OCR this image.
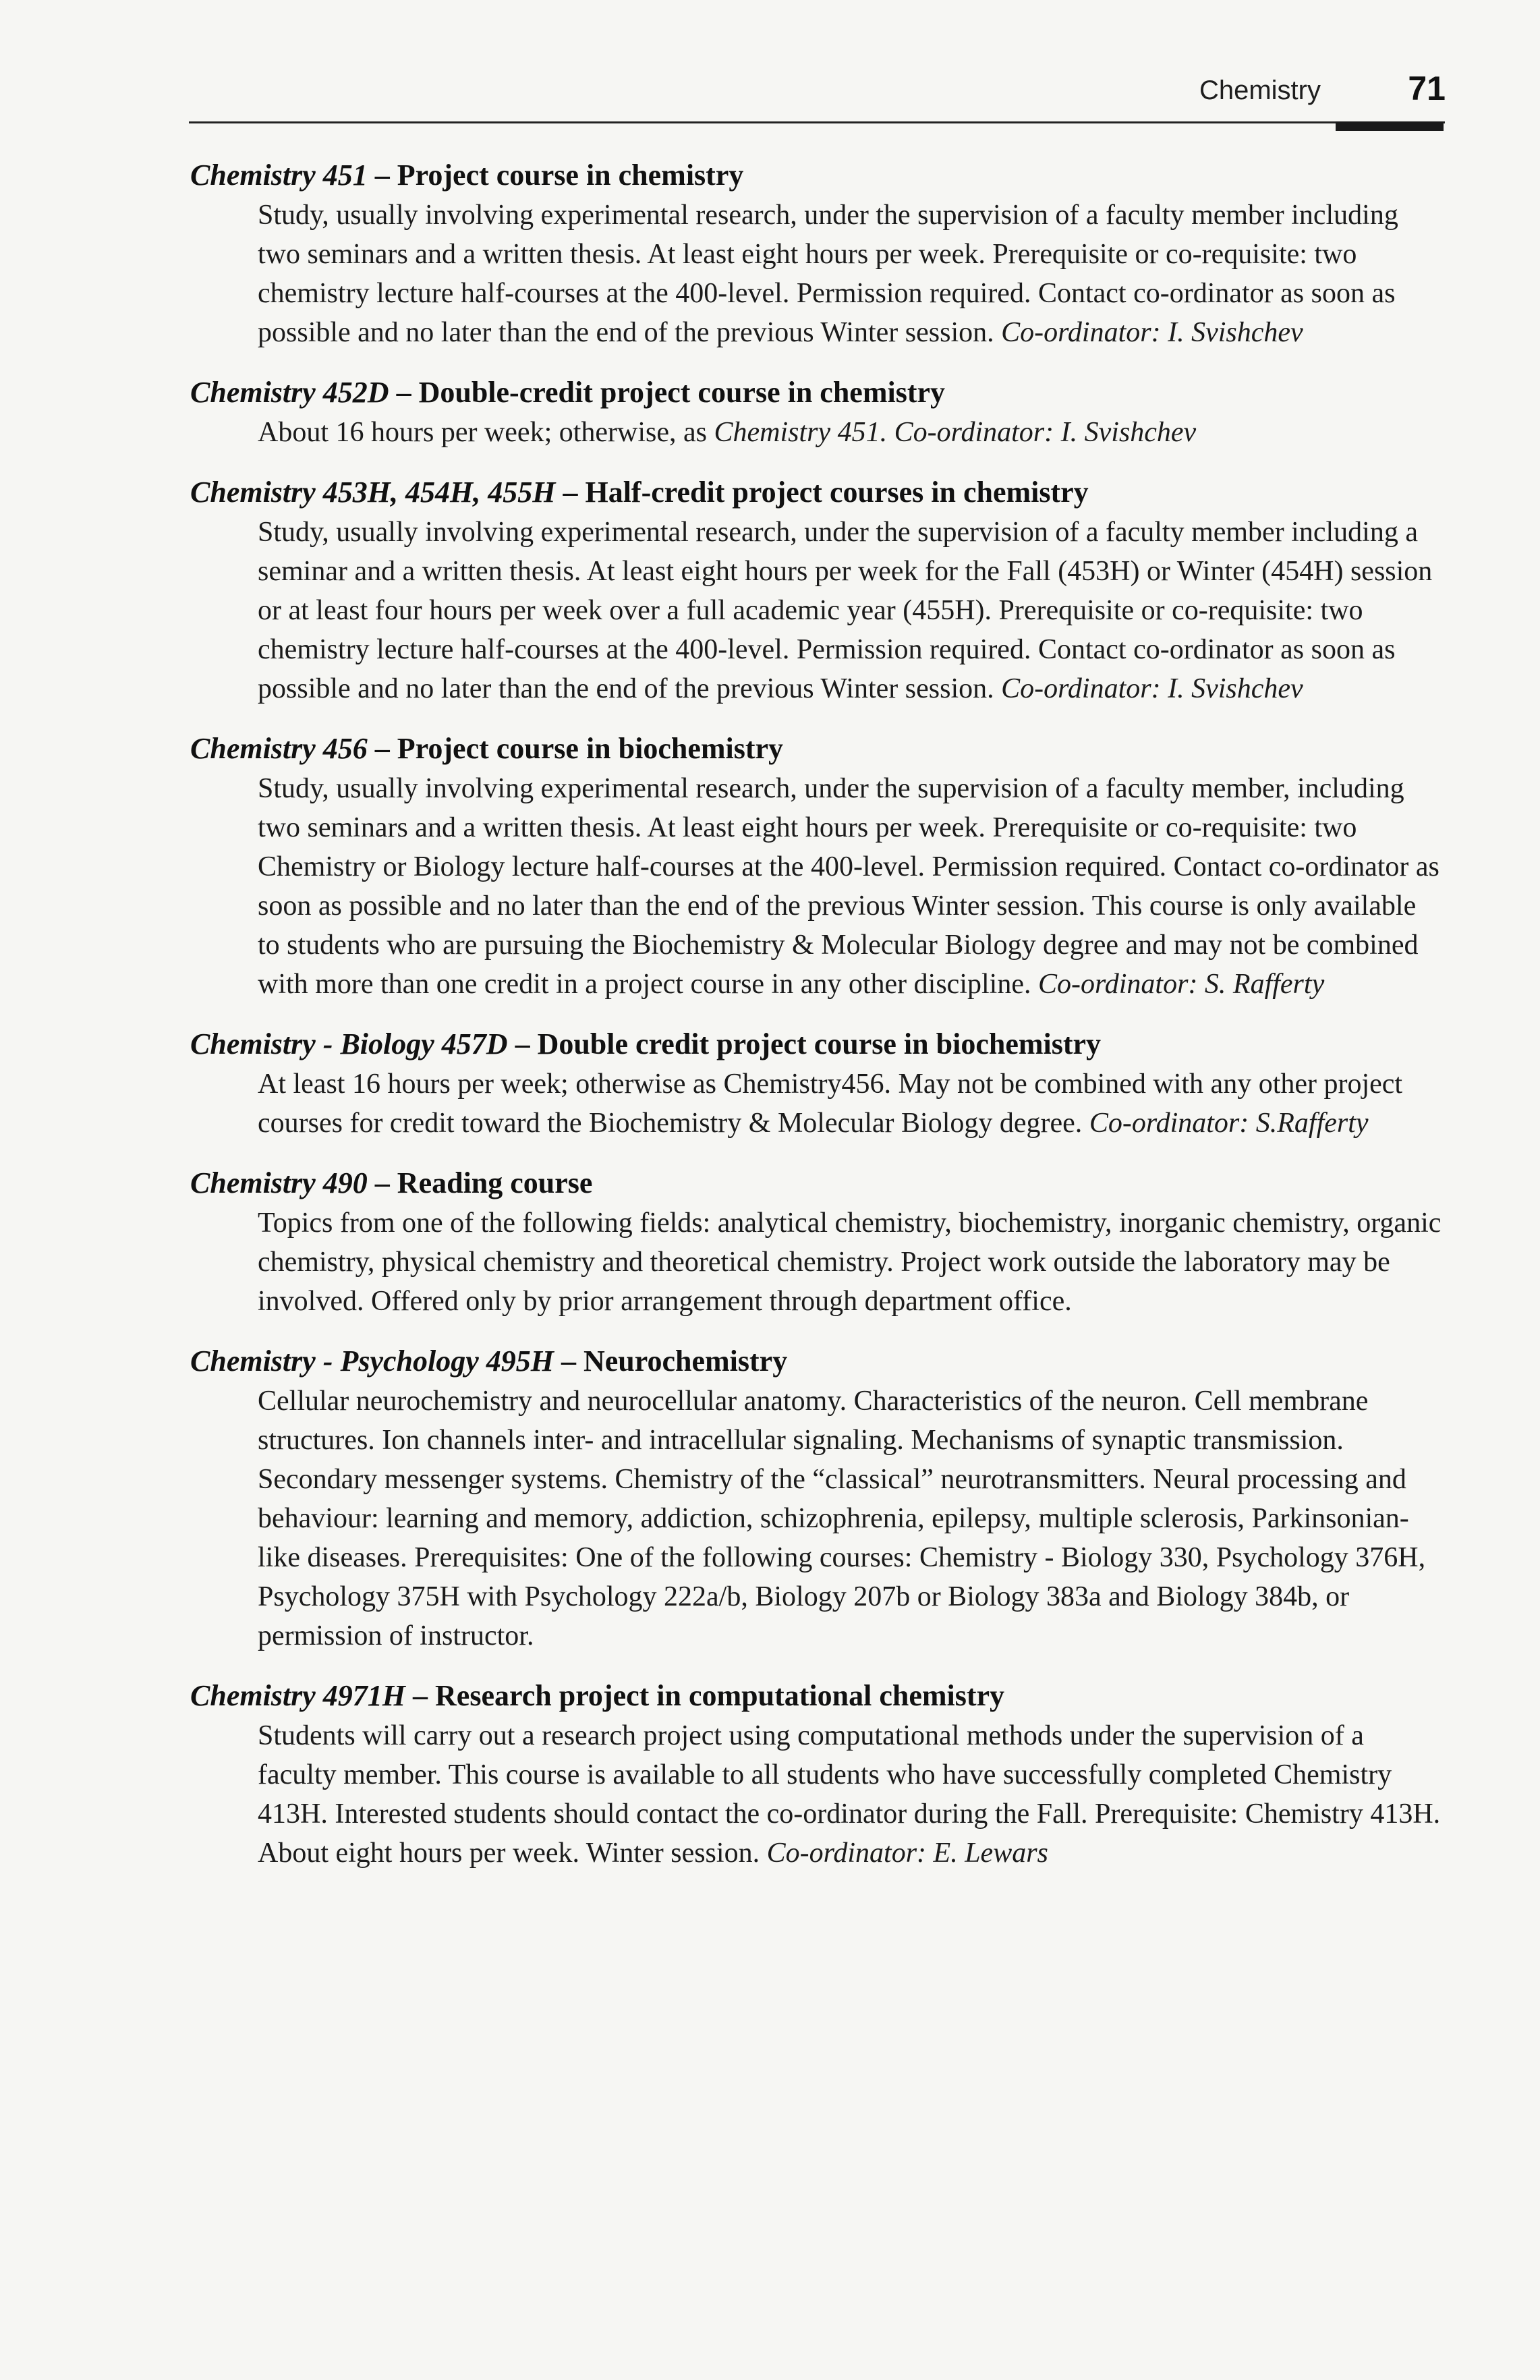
Chemistry	71
Chemistry 451 – Project course in chemistry

Study, usually involving experimental research, under the supervision of a faculty member including two seminars and a written thesis. At least eight hours per week. Prerequisite or co-requisite: two chemistry lecture half-courses at the 400-level. Permission required. Contact co-ordinator as soon as possible and no later than the end of the previous Winter session. Co-ordinator: I. Svishchev

Chemistry 452D – Double-credit project course in chemistry

About 16 hours per week; otherwise, as Chemistry 451. Co-ordinator: I. Svishchev

Chemistry 453H, 454H, 455H – Half-credit project courses in chemistry

Study, usually involving experimental research, under the supervision of a faculty member including a seminar and a written thesis. At least eight hours per week for the Fall (453H) or Winter (454H) session or at least four hours per week over a full academic year (455H). Prerequisite or co-requisite: two chemistry lecture half-courses at the 400-level. Permission required. Contact co-ordinator as soon as possible and no later than the end of the previous Winter session. Co-ordinator: I. Svishchev

Chemistry 456 – Project course in biochemistry

Study, usually involving experimental research, under the supervision of a faculty member, including two seminars and a written thesis. At least eight hours per week. Prerequisite or co-requisite: two Chemistry or Biology lecture half-courses at the 400-level. Permission required. Contact co-ordinator as soon as possible and no later than the end of the previous Winter session. This course is only available to students who are pursuing the Biochemistry & Molecular Biology degree and may not be combined with more than one credit in a project course in any other discipline. Co-ordinator: S. Rafferty

Chemistry - Biology 457D – Double credit project course in biochemistry

At least 16 hours per week; otherwise as Chemistry456. May not be combined with any other project courses for credit toward the Biochemistry & Molecular Biology degree. Co-ordinator: S.Rafferty

Chemistry 490 – Reading course

Topics from one of the following fields: analytical chemistry, biochemistry, inorganic chemistry, organic chemistry, physical chemistry and theoretical chemistry. Project work outside the laboratory may be involved. Offered only by prior arrangement through department office.

Chemistry - Psychology 495H – Neurochemistry

Cellular neurochemistry and neurocellular anatomy. Characteristics of the neuron. Cell membrane structures. Ion channels inter- and intracellular signaling. Mechanisms of synaptic transmission. Secondary messenger systems. Chemistry of the “classical” neurotransmitters. Neural processing and behaviour: learning and memory, addiction, schizophrenia, epilepsy, multiple sclerosis, Parkinsonian-like diseases. Prerequisites: One of the following courses: Chemistry - Biology 330, Psychology 376H, Psychology 375H with Psychology 222a/b, Biology 207b or Biology 383a and Biology 384b, or permission of instructor.

Chemistry 4971H – Research project in computational chemistry

Students will carry out a research project using computational methods under the supervision of a faculty member. This course is available to all students who have successfully completed Chemistry 413H. Interested students should contact the co-ordinator during the Fall. Prerequisite: Chemistry 413H. About eight hours per week. Winter session. Co-ordinator: E. Lewars
